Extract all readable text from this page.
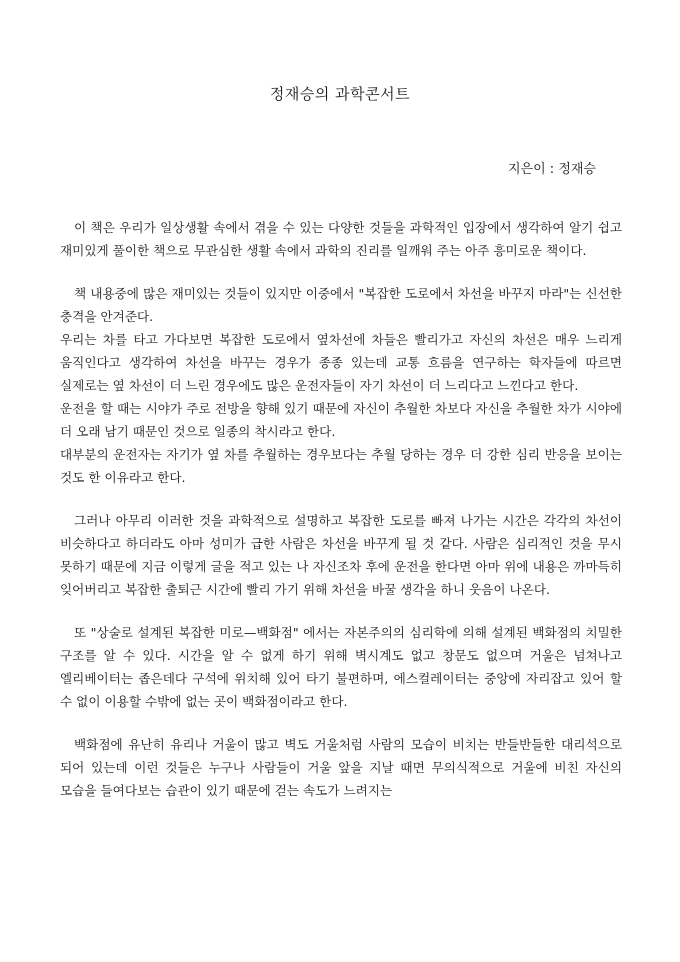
정재승의 과학콘서트
지은이 : 정재승

이 책은 우리가 일상생활 속에서 겪을 수 있는 다양한 것들을 과학적인 입장에서 생각하여 알기 쉽고 재미있게 풀이한 책으로 무관심한 생활 속에서 과학의 진리를 일깨워 주는 아주 흥미로운 책이다.

책 내용중에 많은 재미있는 것들이 있지만 이중에서 "복잡한 도로에서 차선을 바꾸지 마라"는 신선한 충격을 안겨준다.

우리는 차를 타고 가다보면 복잡한 도로에서 옆차선에 차들은 빨리가고 자신의 차선은 매우 느리게 움직인다고 생각하여 차선을 바꾸는 경우가 종종 있는데 교통 흐름을 연구하는 학자들에 따르면 실제로는 옆 차선이 더 느린 경우에도 많은 운전자들이 자기 차선이 더 느리다고 느낀다고 한다.

운전을 할 때는 시야가 주로 전방을 향해 있기 때문에 자신이 추월한 차보다 자신을 추월한 차가 시야에 더 오래 남기 때문인 것으로 일종의 착시라고 한다.

대부분의 운전자는 자기가 옆 차를 추월하는 경우보다는 추월 당하는 경우 더 강한 심리 반응을 보이는 것도 한 이유라고 한다.

그러나 아무리 이러한 것을 과학적으로 설명하고 복잡한 도로를 빠져 나가는 시간은 각각의 차선이 비슷하다고 하더라도 아마 성미가 급한 사람은 차선을 바꾸게 될 것 같다. 사람은 심리적인 것을 무시 못하기 때문에 지금 이렇게 글을 적고 있는 나 자신조차 후에 운전을 한다면 아마 위에 내용은 까마득히 잊어버리고 복잡한 출퇴근 시간에 빨리 가기 위해 차선을 바꿀 생각을 하니 웃음이 나온다.

또 "상술로 설계된 복잡한 미로—백화점" 에서는 자본주의의 심리학에 의해 설계된 백화점의 치밀한 구조를 알 수 있다. 시간을 알 수 없게 하기 위해 벽시계도 없고 창문도 없으며 거울은 넘쳐나고 엘리베이터는 좁은데다 구석에 위치해 있어 타기 불편하며, 에스컬레이터는 중앙에 자리잡고 있어 할 수 없이 이용할 수밖에 없는 곳이 백화점이라고 한다.

백화점에 유난히 유리나 거울이 많고 벽도 거울처럼 사람의 모습이 비치는 반들반들한 대리석으로 되어 있는데 이런 것들은 누구나 사람들이 거울 앞을 지날 때면 무의식적으로 거울에 비친 자신의 모습을 들여다보는 습관이 있기 때문에 걷는 속도가 느려지는
